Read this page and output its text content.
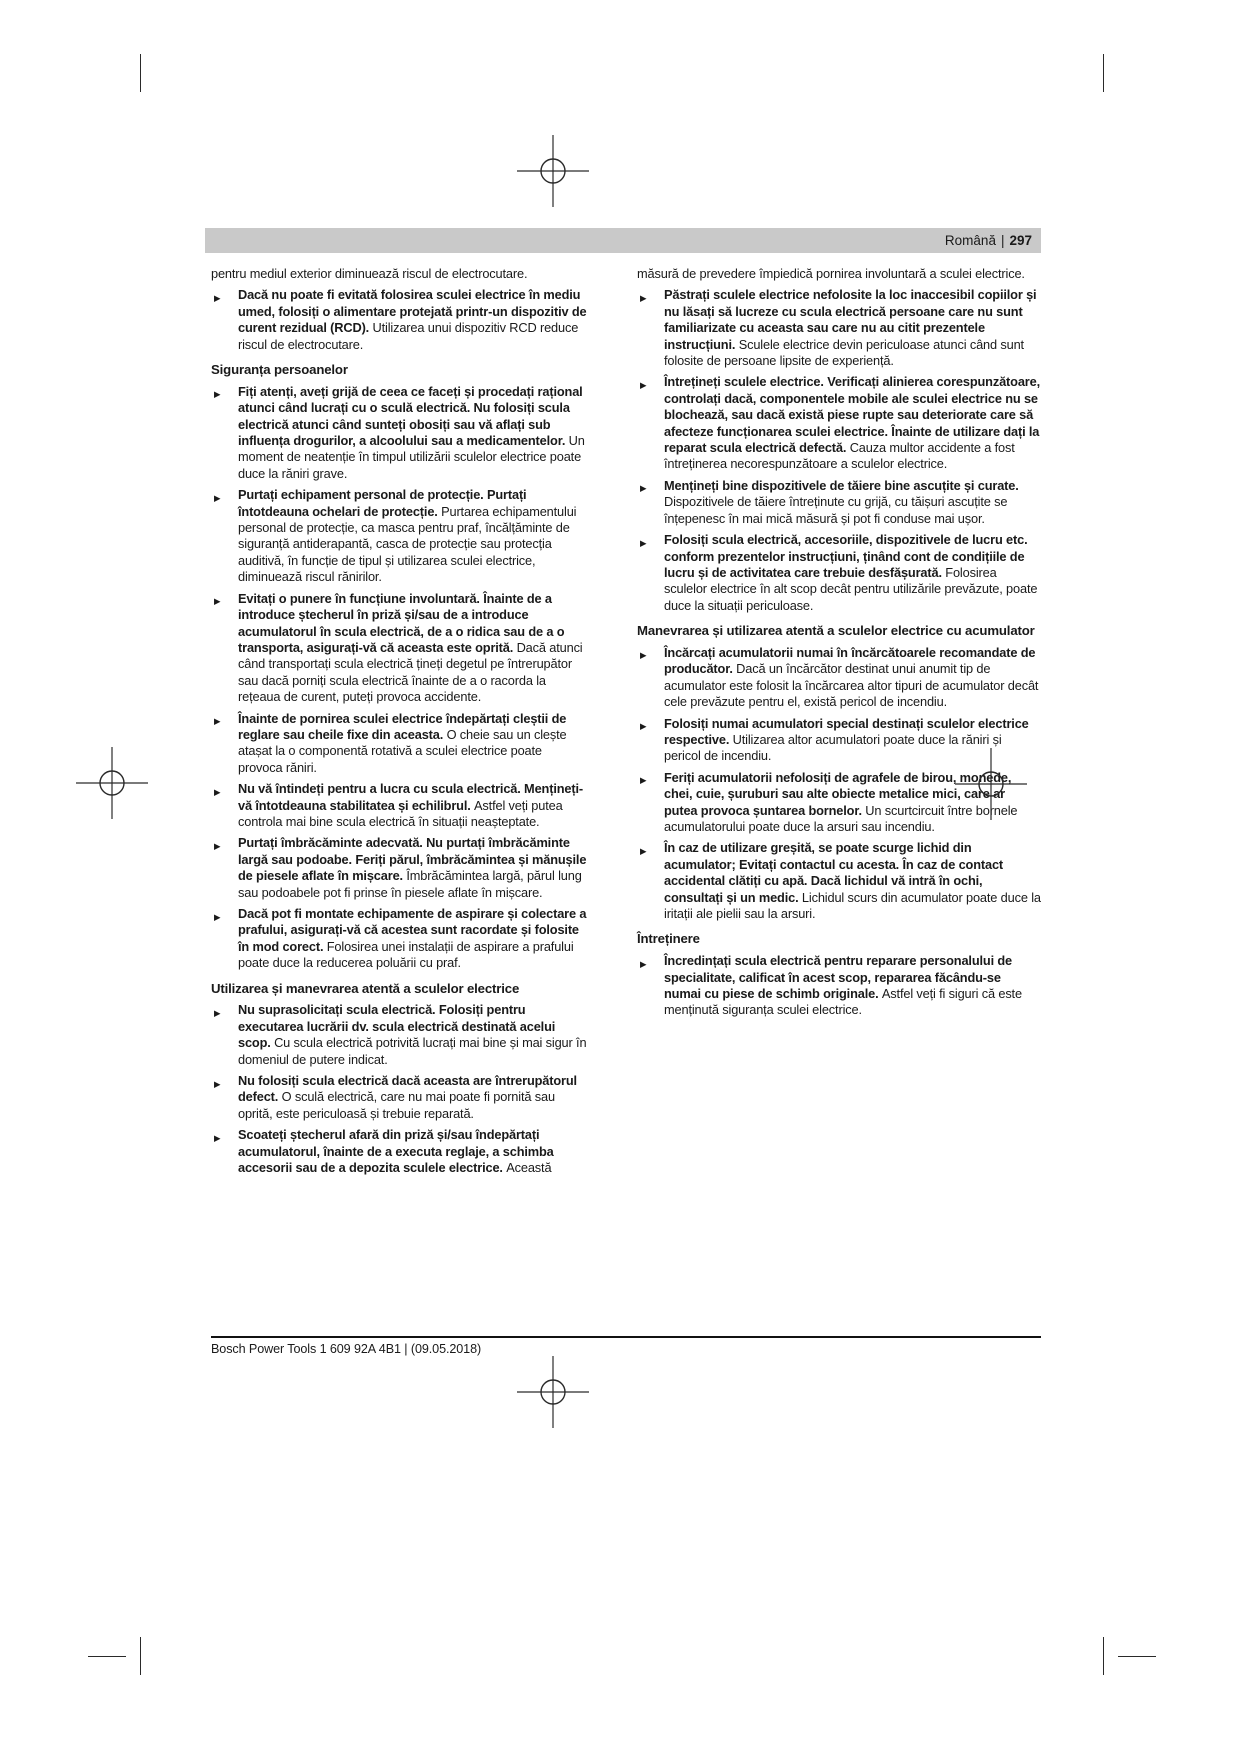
Română | 297

pentru mediul exterior diminuează riscul de electrocutare.

▶ Dacă nu poate fi evitată folosirea sculei electrice în mediu umed, folosiți o alimentare protejată printr-un dispozitiv de curent rezidual (RCD). Utilizarea unui dispozitiv RCD reduce riscul de electrocutare.
Siguranța persoanelor
▶ Fiți atenți, aveți grijă de ceea ce faceți și procedați rațional atunci când lucrați cu o sculă electrică. Nu folosiți scula electrică atunci când sunteți obosiți sau vă aflați sub influența drogurilor, a alcoolului sau a medicamentelor. Un moment de neatenție în timpul utilizării sculelor electrice poate duce la răniri grave.
▶ Purtați echipament personal de protecție. Purtați întotdeauna ochelari de protecție. Purtarea echipamentului personal de protecție, ca masca pentru praf, încălțăminte de siguranță antiderapantă, casca de protecție sau protecția auditivă, în funcție de tipul și utilizarea sculei electrice, diminuează riscul rănirilor.
▶ Evitați o punere în funcțiune involuntară. Înainte de a introduce ștecherul în priză și/sau de a introduce acumulatorul în scula electrică, de a o ridica sau de a o transporta, asigurați-vă că aceasta este oprită. Dacă atunci când transportați scula electrică țineți degetul pe întrerupător sau dacă porniți scula electrică înainte de a o racorda la rețeaua de curent, puteți provoca accidente.
▶ Înainte de pornirea sculei electrice îndepărtați cleștii de reglare sau cheile fixe din aceasta. O cheie sau un clește atașat la o componentă rotativă a sculei electrice poate provoca răniri.
▶ Nu vă întindeți pentru a lucra cu scula electrică. Mențineți-vă întotdeauna stabilitatea și echilibrul. Astfel veți putea controla mai bine scula electrică în situații neașteptate.
▶ Purtați îmbrăcăminte adecvată. Nu purtați îmbrăcăminte largă sau podoabe. Feriți părul, îmbrăcămintea și mănușile de piesele aflate în mișcare. Îmbrăcămintea largă, părul lung sau podoabele pot fi prinse în piesele aflate în mișcare.
▶ Dacă pot fi montate echipamente de aspirare și colectare a prafului, asigurați-vă că acestea sunt racordate și folosite în mod corect. Folosirea unei instalații de aspirare a prafului poate duce la reducerea poluării cu praf.
Utilizarea și manevrarea atentă a sculelor electrice
▶ Nu suprasolicitați scula electrică. Folosiți pentru executarea lucrării dv. scula electrică destinată acelui scop. Cu scula electrică potrivită lucrați mai bine și mai sigur în domeniul de putere indicat.
▶ Nu folosiți scula electrică dacă aceasta are întrerupătorul defect. O sculă electrică, care nu mai poate fi pornită sau oprită, este periculoasă și trebuie reparată.
▶ Scoateți ștecherul afară din priză și/sau îndepărtați acumulatorul, înainte de a executa reglaje, a schimba accesorii sau de a depozita sculele electrice. Această

măsură de prevedere împiedică pornirea involuntară a sculei electrice.

▶ Păstrați sculele electrice nefolosite la loc inaccesibil copiilor și nu lăsați să lucreze cu scula electrică persoane care nu sunt familiarizate cu aceasta sau care nu au citit prezentele instrucțiuni. Sculele electrice devin periculoase atunci când sunt folosite de persoane lipsite de experiență.
▶ Întrețineți sculele electrice. Verificați alinierea corespunzătoare, controlați dacă, componentele mobile ale sculei electrice nu se blochează, sau dacă există piese rupte sau deteriorate care să afecteze funcționarea sculei electrice. Înainte de utilizare dați la reparat scula electrică defectă. Cauza multor accidente a fost întreținerea necorespunzătoare a sculelor electrice.
▶ Mențineți bine dispozitivele de tăiere bine ascuțite și curate. Dispozitivele de tăiere întreținute cu grijă, cu tăișuri ascuțite se înțepenesc în mai mică măsură și pot fi conduse mai ușor.
▶ Folosiți scula electrică, accesoriile, dispozitivele de lucru etc. conform prezentelor instrucțiuni, ținând cont de condițiile de lucru și de activitatea care trebuie desfășurată. Folosirea sculelor electrice în alt scop decât pentru utilizările prevăzute, poate duce la situații periculoase.
Manevrarea și utilizarea atentă a sculelor electrice cu acumulator
▶ Încărcați acumulatorii numai în încărcătoarele recomandate de producător. Dacă un încărcător destinat unui anumit tip de acumulator este folosit la încărcarea altor tipuri de acumulator decât cele prevăzute pentru el, există pericol de incendiu.
▶ Folosiți numai acumulatori special destinați sculelor electrice respective. Utilizarea altor acumulatori poate duce la răniri și pericol de incendiu.
▶ Feriți acumulatorii nefolosiți de agrafele de birou, monede, chei, cuie, șuruburi sau alte obiecte metalice mici, care ar putea provoca șuntarea bornelor. Un scurtcircuit între bornele acumulatorului poate duce la arsuri sau incendiu.
▶ În caz de utilizare greșită, se poate scurge lichid din acumulator; Evitați contactul cu acesta. În caz de contact accidental clătiți cu apă. Dacă lichidul vă intră în ochi, consultați și un medic. Lichidul scurs din acumulator poate duce la iritații ale pielii sau la arsuri.
Întreținere
▶ Încredințați scula electrică pentru reparare personalului de specialitate, calificat în acest scop, repararea făcându-se numai cu piese de schimb originale. Astfel veți fi siguri că este menținută siguranța sculei electrice.
Bosch Power Tools 1 609 92A 4B1 | (09.05.2018)
